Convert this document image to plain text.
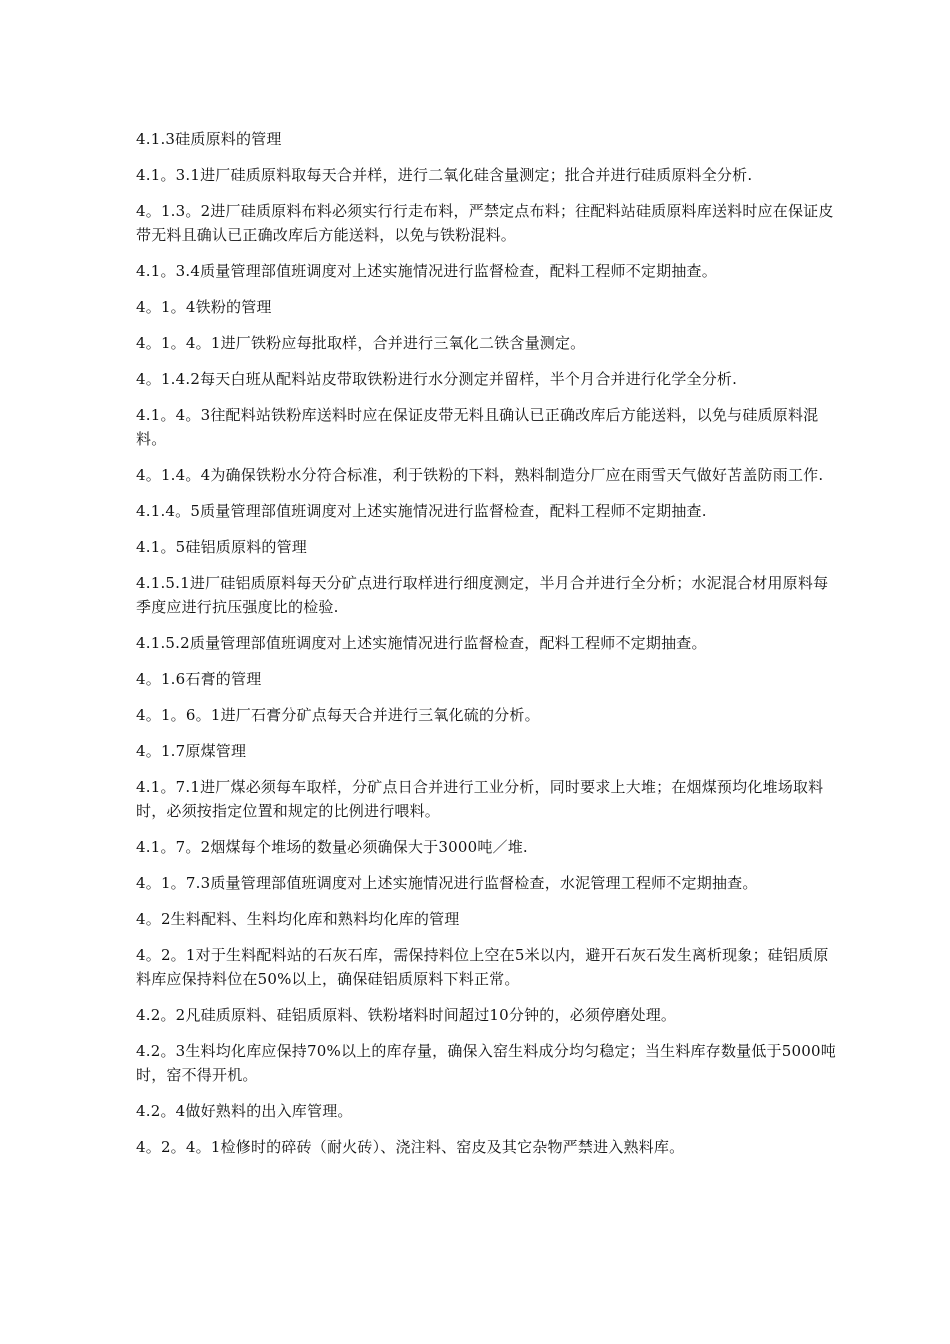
4.1.3硅质原料的管理

4.1。3.1进厂硅质原料取每天合并样，进行二氧化硅含量测定；批合并进行硅质原料全分析.

4。1.3。2进厂硅质原料布料必须实行行走布料，严禁定点布料；往配料站硅质原料库送料时应在保证皮带无料且确认已正确改库后方能送料，以免与铁粉混料。

4.1。3.4质量管理部值班调度对上述实施情况进行监督检查，配料工程师不定期抽查。

4。1。4铁粉的管理

4。1。4。1进厂铁粉应每批取样，合并进行三氧化二铁含量测定。

4。1.4.2每天白班从配料站皮带取铁粉进行水分测定并留样，半个月合并进行化学全分析.

4.1。4。3往配料站铁粉库送料时应在保证皮带无料且确认已正确改库后方能送料，以免与硅质原料混料。

4。1.4。4为确保铁粉水分符合标准，利于铁粉的下料，熟料制造分厂应在雨雪天气做好苫盖防雨工作.

4.1.4。5质量管理部值班调度对上述实施情况进行监督检查，配料工程师不定期抽查.

4.1。5硅铝质原料的管理

4.1.5.1进厂硅铝质原料每天分矿点进行取样进行细度测定，半月合并进行全分析；水泥混合材用原料每季度应进行抗压强度比的检验.

4.1.5.2质量管理部值班调度对上述实施情况进行监督检查，配料工程师不定期抽查。

4。1.6石膏的管理

4。1。6。1进厂石膏分矿点每天合并进行三氧化硫的分析。

4。1.7原煤管理

4.1。7.1进厂煤必须每车取样，分矿点日合并进行工业分析，同时要求上大堆；在烟煤预均化堆场取料时，必须按指定位置和规定的比例进行喂料。

4.1。7。2烟煤每个堆场的数量必须确保大于3000吨／堆.

4。1。7.3质量管理部值班调度对上述实施情况进行监督检查，水泥管理工程师不定期抽查。

4。2生料配料、生料均化库和熟料均化库的管理

4。2。1对于生料配料站的石灰石库，需保持料位上空在5米以内，避开石灰石发生离析现象；硅铝质原料库应保持料位在50%以上，确保硅铝质原料下料正常。

4.2。2凡硅质原料、硅铝质原料、铁粉堵料时间超过10分钟的，必须停磨处理。

4.2。3生料均化库应保持70%以上的库存量，确保入窑生料成分均匀稳定；当生料库存数量低于5000吨时，窑不得开机。

4.2。4做好熟料的出入库管理。

4。2。4。1检修时的碎砖（耐火砖）、浇注料、窑皮及其它杂物严禁进入熟料库。
